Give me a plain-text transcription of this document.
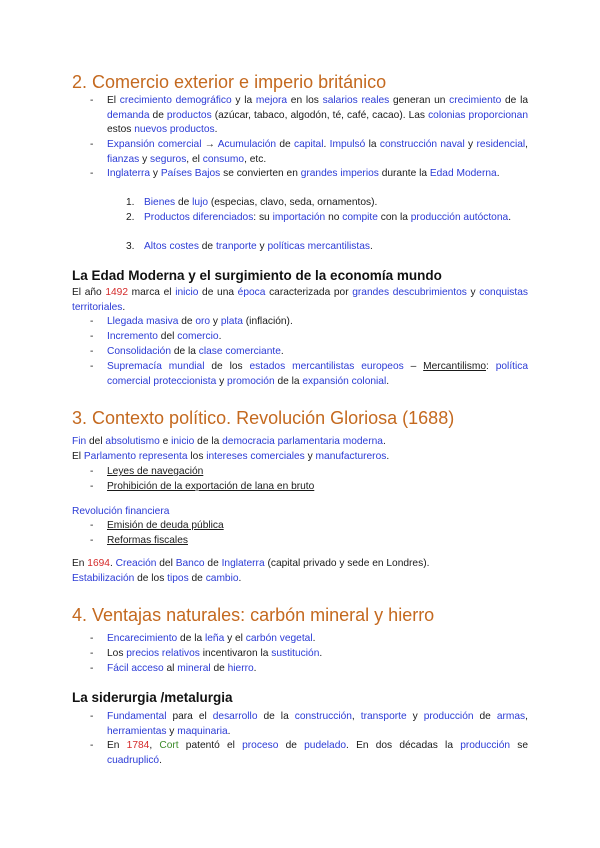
2. Comercio exterior e imperio británico
- El crecimiento demográfico y la mejora en los salarios reales generan un crecimiento de la demanda de productos (azúcar, tabaco, algodón, té, café, cacao). Las colonias proporcionan estos nuevos productos.
- Expansión comercial → Acumulación de capital. Impulsó la construcción naval y residencial, fianzas y seguros, el consumo, etc.
- Inglaterra y Países Bajos se convierten en grandes imperios durante la Edad Moderna.
1. Bienes de lujo (especias, clavo, seda, ornamentos).
2. Productos diferenciados: su importación no compite con la producción autóctona.
3. Altos costes de tranporte y políticas mercantilistas.
La Edad Moderna y el surgimiento de la economía mundo

El año 1492 marca el inicio de una época caracterizada por grandes descubrimientos y conquistas territoriales.

- Llegada masiva de oro y plata (inflación).
- Incremento del comercio.
- Consolidación de la clase comerciante.
- Supremacía mundial de los estados mercantilistas europeos – Mercantilismo: política comercial proteccionista y promoción de la expansión colonial.
3. Contexto político. Revolución Gloriosa (1688)

Fin del absolutismo e inicio de la democracia parlamentaria moderna.

El Parlamento representa los intereses comerciales y manufactureros.

- Leyes de navegación
- Prohibición de la exportación de lana en bruto

Revolución financiera

- Emisión de deuda pública
- Reformas fiscales

En 1694. Creación del Banco de Inglaterra (capital privado y sede en Londres).

Estabilización de los tipos de cambio.

4. Ventajas naturales: carbón mineral y hierro
- Encarecimiento de la leña y el carbón vegetal.
- Los precios relativos incentivaron la sustitución.
- Fácil acceso al mineral de hierro.
La siderurgia /metalurgia
- Fundamental para el desarrollo de la construcción, transporte y producción de armas, herramientas y maquinaria.
- En 1784, Cort patentó el proceso de pudelado. En dos décadas la producción se cuadruplicó.
